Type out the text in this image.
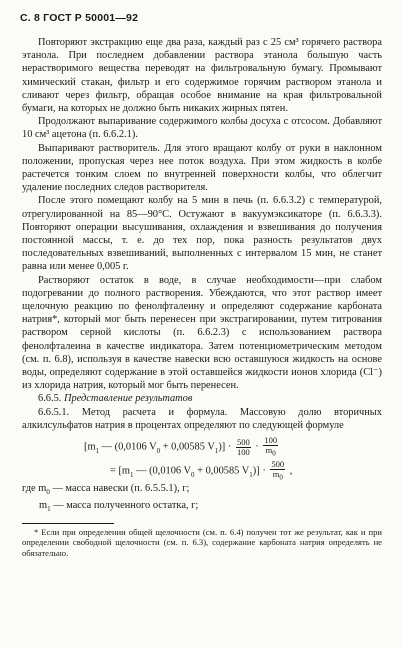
С. 8 ГОСТ Р 50001—92

Повторяют экстракцию еще два раза, каждый раз с 25 см³ горячего раствора этанола. При последнем добавлении раствора этанола большую часть нерастворимого вещества переводят на фильтровальную бумагу. Промывают химический стакан, фильтр и его содержимое горячим раствором этанола и сливают через фильтр, обращая особое внимание на края фильтровальной бумаги, на которых не должно быть никаких жирных пятен.

Продолжают выпаривание содержимого колбы досуха с отсосом. Добавляют 10 см³ ацетона (п. 6.6.2.1).

Выпаривают растворитель. Для этого вращают колбу от руки в наклонном положении, пропуская через нее поток воздуха. При этом жидкость в колбе растечется тонким слоем по внутренней поверхности колбы, что облегчит удаление последних следов растворителя.

После этого помещают колбу на 5 мин в печь (п. 6.6.3.2) с температурой, отрегулированной на 85—90°С. Остужают в вакуумэксикаторе (п. 6.6.3.3). Повторяют операции высушивания, охлаждения и взвешивания до получения постоянной массы, т. е. до тех пор, пока разность результатов двух последовательных взвешиваний, выполненных с интервалом 15 мин, не станет равна или менее 0,005 г.

Растворяют остаток в воде, в случае необходимости—при слабом подогревании до полного растворения. Убеждаются, что этот раствор имеет щелочную реакцию по фенолфталеину и определяют содержание карбоната натрия*, который мог быть перенесен при экстрагировании, путем титрования раствором серной кислоты (п. 6.6.2.3) с использованием раствора фенолфталеина в качестве индикатора. Затем потенциометрическим методом (см. п. 6.8), используя в качестве навески всю оставшуюся жидкость на основе воды, определяют содержание в этой оставшейся жидкости ионов хлорида (Cl⁻) из хлорида натрия, который мог быть перенесен.

6.6.5. Представление результатов

6.6.5.1. Метод расчета и формула. Массовую долю вторичных алкилсульфатов натрия в процентах определяют по следующей формуле

[$m_1$ — (0,0106 $V_0 + 0,00585$ $V_1)] \cdot \frac{500}{100} \cdot \frac{100}{m_0}$
= [$m_1$ — (0,0106 $V_0 + 0,00585$ $V_1)] \cdot \frac{500}{m_0}$ ,

где $m_0$ — масса навески (п. 6.5.5.1), г;

$m_1$ — масса полученного остатка, г;

* Если при определении общей щелочности (см. п. 6.4) получен тот же результат, как и при определении свободной щелочности (см. п. 6.3), содержание карбоната натрия определять не обязательно.
